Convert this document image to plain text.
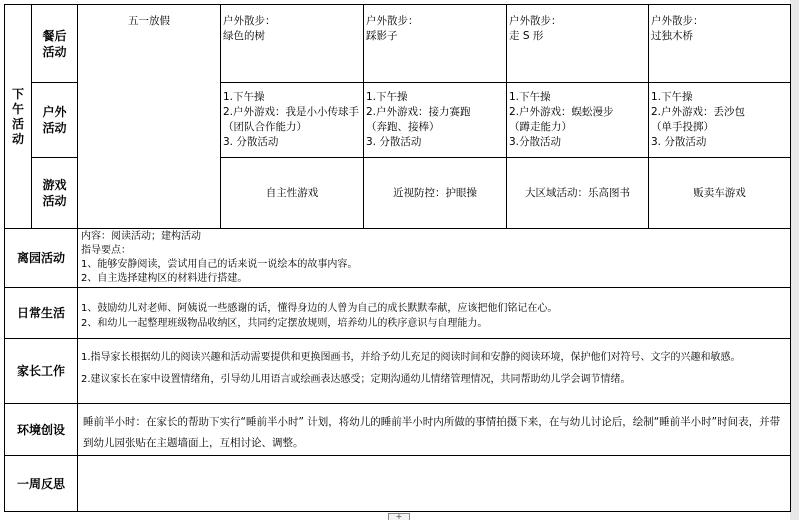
下
午
活
动
餐后
活动
户外
活动
游戏
活动
五一放假	户外散步：
绿色的树
1.下午操
2.户外游戏：我是小小传球手
（团队合作能力）
3. 分散活动
自主性游戏
户外散步：
踩影子
1.下午操
2.户外游戏：接力赛跑
（奔跑、接棒）
3. 分散活动
近视防控：护眼操
户外散步：
走 S 形
1.下午操
2.户外游戏：蜈蚣漫步
（蹲走能力）
3.分散活动
大区域活动：乐高图书
户外散步：
过独木桥
1.下午操
2.户外游戏：丢沙包
（单手投掷）
3. 分散活动
贩卖车游戏
离园活动
内容：阅读活动；建构活动
指导要点：
1、能够安静阅读，尝试用自己的话来说一说绘本的故事内容。
2、自主选择建构区的材料进行搭建。
日常生活	1、鼓励幼儿对老师、阿姨说一些感谢的话，懂得身边的人曾为自己的成长默默奉献，应该把他们铭记在心。
2、和幼儿一起整理班级物品收纳区，共同约定摆放规则，培养幼儿的秩序意识与自理能力。
家长工作
1.指导家长根据幼儿的阅读兴趣和活动需要提供和更换图画书，并给予幼儿充足的阅读时间和安静的阅读环境，保护他们对符号、文字的兴趣和敏感。

2.建议家长在家中设置情绪角，引导幼儿用语言或绘画表达感受；定期沟通幼儿情绪管理情况，共同帮助幼儿学会调节情绪。
环境创设
睡前半小时：在家长的帮助下实行“睡前半小时” 计划，将幼儿的睡前半小时内所做的事情拍摄下来，在与幼儿讨论后，绘制“睡前半小时”时间表，并带到幼儿园张贴在主题墙面上，互相讨论、调整。
一周反思
+
